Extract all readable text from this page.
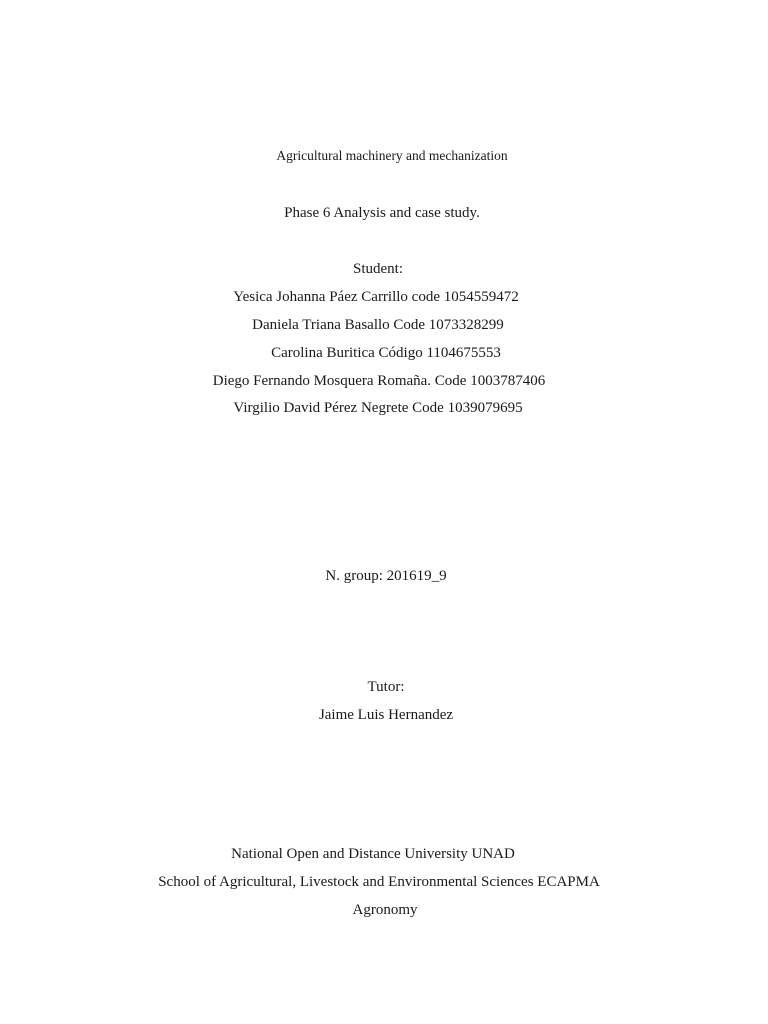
Agricultural machinery and mechanization
Phase 6 Analysis and case study.
Student:
Yesica Johanna Páez Carrillo code 1054559472
Daniela Triana Basallo Code 1073328299
Carolina Buritica Código 1104675553
Diego Fernando Mosquera Romaña. Code 1003787406
Virgilio David Pérez Negrete Code 1039079695
N. group: 201619_9
Tutor:
Jaime Luis Hernandez
National Open and Distance University UNAD
School of Agricultural, Livestock and Environmental Sciences ECAPMA
Agronomy
